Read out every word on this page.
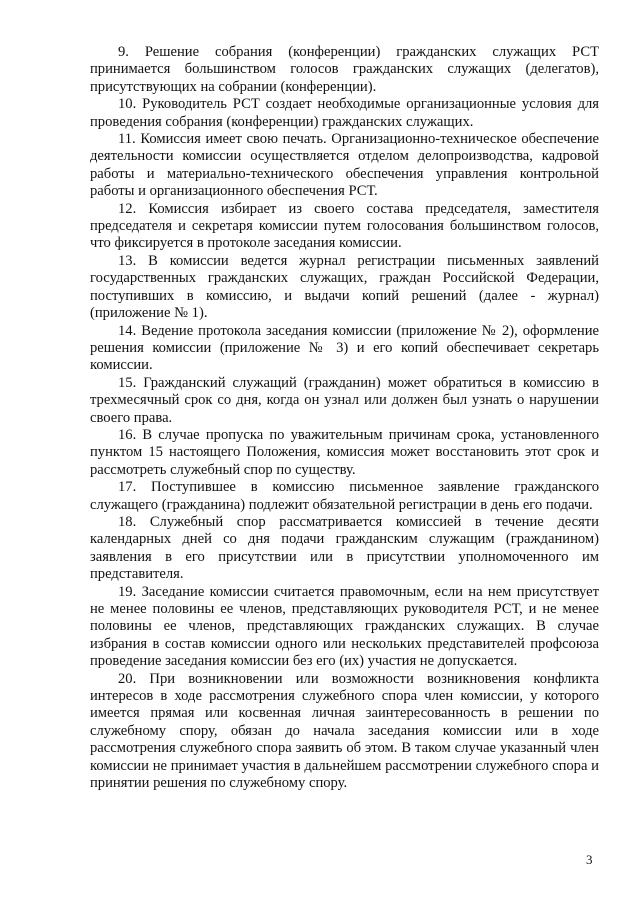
9. Решение собрания (конференции) гражданских служащих РСТ принимается большинством голосов гражданских служащих (делегатов), присутствующих на собрании (конференции).

10. Руководитель РСТ создает необходимые организационные условия для проведения собрания (конференции) гражданских служащих.

11. Комиссия имеет свою печать. Организационно-техническое обеспечение деятельности комиссии осуществляется отделом делопроизводства, кадровой работы и материально-технического обеспечения управления контрольной работы и организационного обеспечения РСТ.

12. Комиссия избирает из своего состава председателя, заместителя председателя и секретаря комиссии путем голосования большинством голосов, что фиксируется в протоколе заседания комиссии.

13. В комиссии ведется журнал регистрации письменных заявлений государственных гражданских служащих, граждан Российской Федерации, поступивших в комиссию, и выдачи копий решений (далее - журнал) (приложение № 1).

14. Ведение протокола заседания комиссии (приложение № 2), оформление решения комиссии (приложение № 3) и его копий обеспечивает секретарь комиссии.

15. Гражданский служащий (гражданин) может обратиться в комиссию в трехмесячный срок со дня, когда он узнал или должен был узнать о нарушении своего права.

16. В случае пропуска по уважительным причинам срока, установленного пунктом 15 настоящего Положения, комиссия может восстановить этот срок и рассмотреть служебный спор по существу.

17. Поступившее в комиссию письменное заявление гражданского служащего (гражданина) подлежит обязательной регистрации в день его подачи.

18. Служебный спор рассматривается комиссией в течение десяти календарных дней со дня подачи гражданским служащим (гражданином) заявления в его присутствии или в присутствии уполномоченного им представителя.

19. Заседание комиссии считается правомочным, если на нем присутствует не менее половины ее членов, представляющих руководителя РСТ, и не менее половины ее членов, представляющих гражданских служащих. В случае избрания в состав комиссии одного или нескольких представителей профсоюза проведение заседания комиссии без его (их) участия не допускается.

20. При возникновении или возможности возникновения конфликта интересов в ходе рассмотрения служебного спора член комиссии, у которого имеется прямая или косвенная личная заинтересованность в решении по служебному спору, обязан до начала заседания комиссии или в ходе рассмотрения служебного спора заявить об этом. В таком случае указанный член комиссии не принимает участия в дальнейшем рассмотрении служебного спора и принятии решения по служебному спору.

3
